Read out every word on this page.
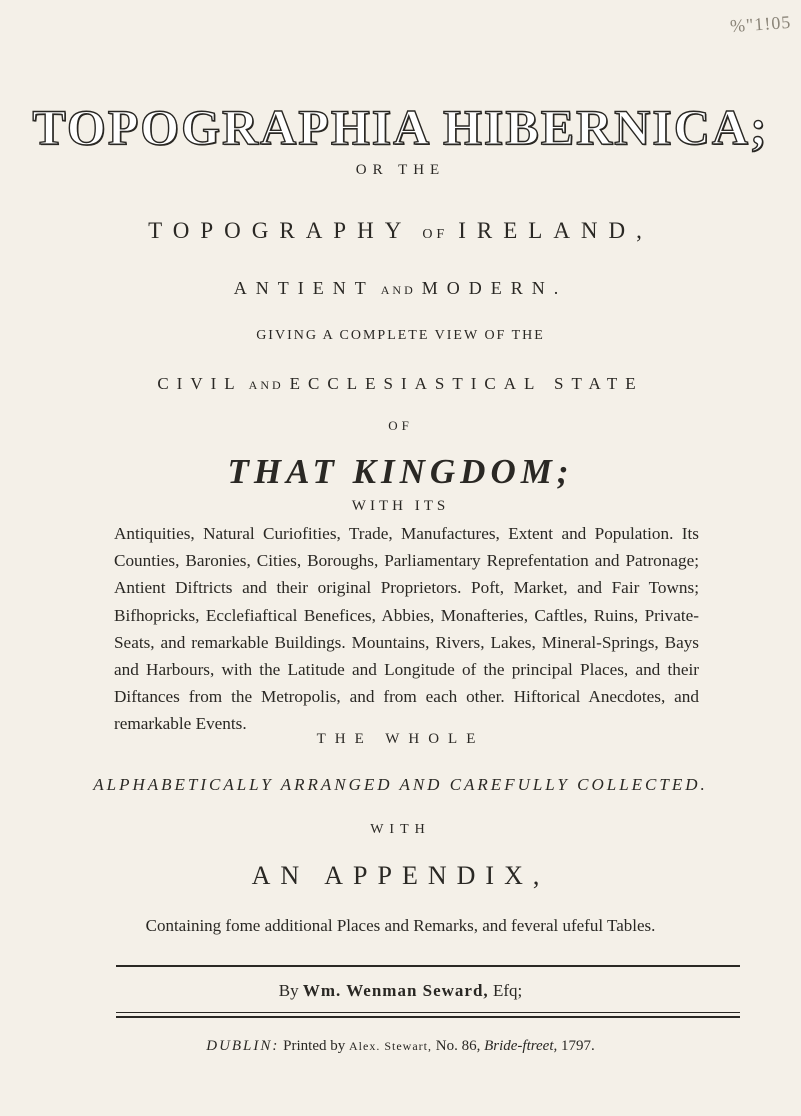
%"1!05
TOPOGRAPHIA HIBERNICA;
OR THE
TOPOGRAPHY OF IRELAND,
ANTIENT AND MODERN.
GIVING A COMPLETE VIEW OF THE
CIVIL AND ECCLESIASTICAL STATE
OF
THAT KINGDOM;
WITH ITS
Antiquities, Natural Curiofities, Trade, Manufactures, Extent and Population. Its Counties, Baronies, Cities, Boroughs, Parliamentary Reprefentation and Patronage; Antient Diftricts and their original Proprietors. Poft, Market, and Fair Towns; Bifhopricks, Ecclefiaftical Benefices, Abbies, Monafteries, Caftles, Ruins, Private-Seats, and remarkable Buildings. Mountains, Rivers, Lakes, Mineral-Springs, Bays and Harbours, with the Latitude and Longitude of the principal Places, and their Diftances from the Metropolis, and from each other. Hiftorical Anecdotes, and remarkable Events.
THE WHOLE
ALPHABETICALLY ARRANGED AND CAREFULLY COLLECTED.
WITH
AN APPENDIX,
Containing fome additional Places and Remarks, and feveral ufeful Tables.
By Wm. Wenman Seward, Efq;
DUBLIN: Printed by Alex. Stewart, No. 86, Bride-ftreet, 1797.
